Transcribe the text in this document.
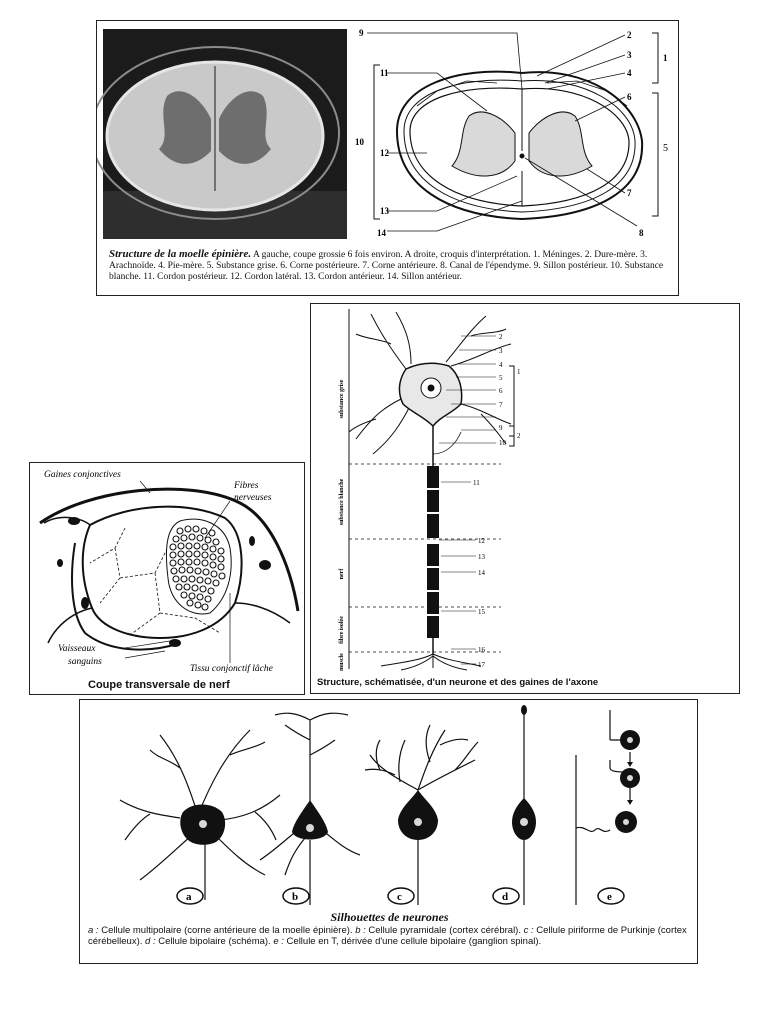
9	2
3
4
1
6
5
11
10
12
7
13
8
14
Structure de la moelle épinière. A gauche, coupe grossie 6 fois environ. A droite, croquis d'interprétation. 1. Méninges. 2. Dure-mère. 3. Arachnoïde. 4. Pie-mère. 5. Substance grise. 6. Corne postérieure. 7. Corne antérieure. 8. Canal de l'épendyme. 9. Sillon postérieur. 10. Substance blanche. 11. Cordon postérieur. 12. Cordon latéral. 13. Cordon antérieur. 14. Sillon antérieur.
2
3
4
5
6
7
1
9
2
10
11
12
13
14
15
16
17
substance grise
substance blanche
nerf
fibre isolée
muscle
Structure, schématisée, d'un neurone et des gaines de l'axone
Gaines conjonctives
Fibres
nerveuses
Vaisseaux
sanguins
Tissu conjonctif lâche
Coupe transversale de nerf
a	b	c	d	e
Silhouettes de neurones
a : Cellule multipolaire (corne antérieure de la moelle épinière). b : Cellule pyramidale (cortex cérébral). c : Cellule piriforme de Purkinje (cortex cérébelleux). d : Cellule bipolaire (schéma). e : Cellule en T, dérivée d'une cellule bipolaire (ganglion spinal).
